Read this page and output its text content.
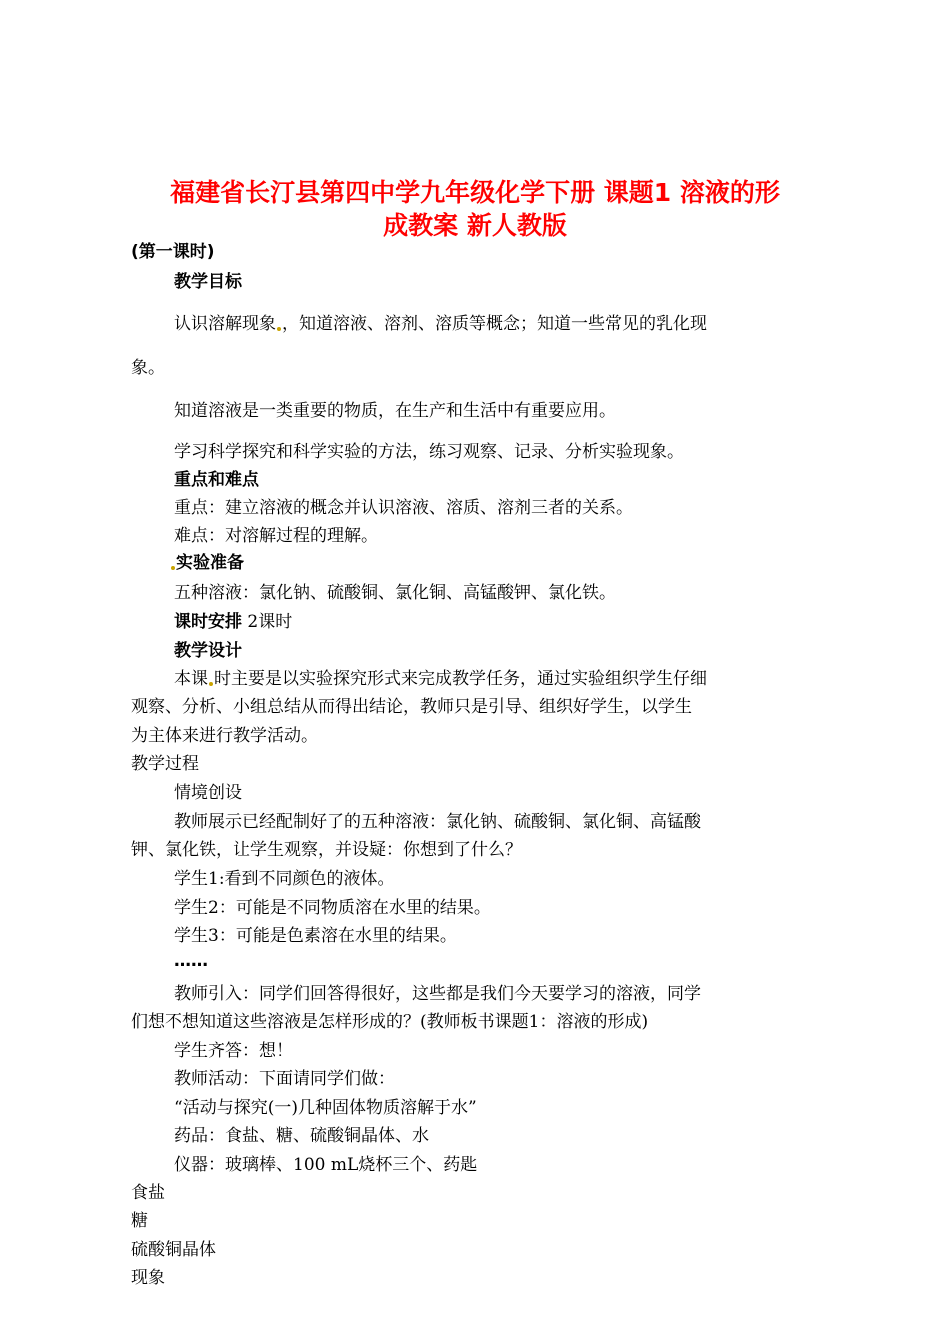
福建省长汀县第四中学九年级化学下册 课题1 溶液的形
成教案 新人教版
(第一课时)
教学目标
认识溶解现象 ，知道溶液、溶剂、溶质等概念；知道一些常见的乳化现
象。
知道溶液是一类重要的物质，在生产和生活中有重要应用。
学习科学探究和科学实验的方法，练习观察、记录、分析实验现象。
重点和难点
重点：建立溶液的概念并认识溶液、溶质、溶剂三者的关系。
难点：对溶解过程的理解。
实验准备
五种溶液：氯化钠、硫酸铜、氯化铜、高锰酸钾、氯化铁。
课时安排 2课时
教学设计
本课 时主要是以实验探究形式来完成教学任务，通过实验组织学生仔细
观察、分析、小组总结从而得出结论，教师只是引导、组织好学生，以学生
为主体来进行教学活动。
教学过程
情境创设
教师展示已经配制好了的五种溶液：氯化钠、硫酸铜、氯化铜、高锰酸
钾、氯化铁，让学生观察，并设疑：你想到了什么？
学生1:看到不同颜色的液体。
学生2：可能是不同物质溶在水里的结果。
学生3：可能是色素溶在水里的结果。
……
教师引入：同学们回答得很好，这些都是我们今天要学习的溶液，同学
们想不想知道这些溶液是怎样形成的？(教师板书课题1：溶液的形成)
学生齐答：想！
教师活动：下面请同学们做：
“活动与探究(一)几种固体物质溶解于水”
药品：食盐、糖、硫酸铜晶体、水
仪器：玻璃棒、100 mL烧杯三个、药匙
食盐
糖
硫酸铜晶体
现象
